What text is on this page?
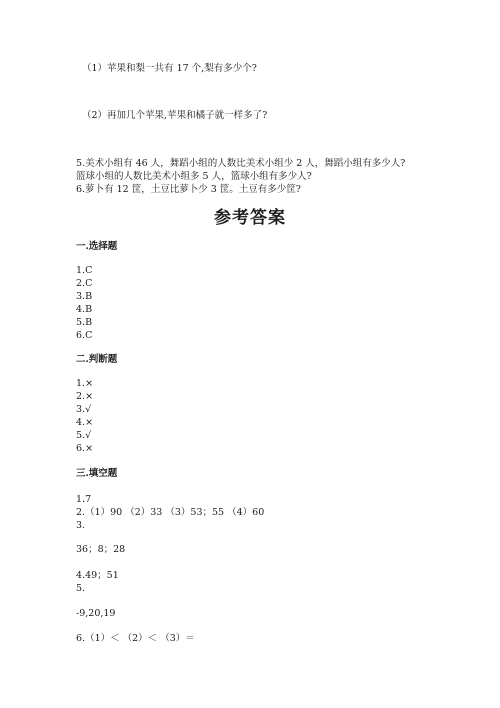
（1）苹果和梨一共有 17 个,梨有多少个?
（2）再加几个苹果,苹果和橘子就一样多了?
5.美术小组有 46 人，舞蹈小组的人数比美术小组少 2 人，舞蹈小组有多少人?
篮球小组的人数比美术小组多 5 人，篮球小组有多少人?
6.萝卜有 12 筐，土豆比萝卜少 3 筐。土豆有多少筐?
参考答案
一.选择题
1.C
2.C
3.B
4.B
5.B
6.C
二.判断题
1.×
2.×
3.√
4.×
5.√
6.×
三.填空题
1.7
2.（1）90 （2）33 （3）53；55 （4）60
3.
36；8；28
4.49；51
5.
-9,20,19
6.（1）＜ （2）＜ （3）＝
